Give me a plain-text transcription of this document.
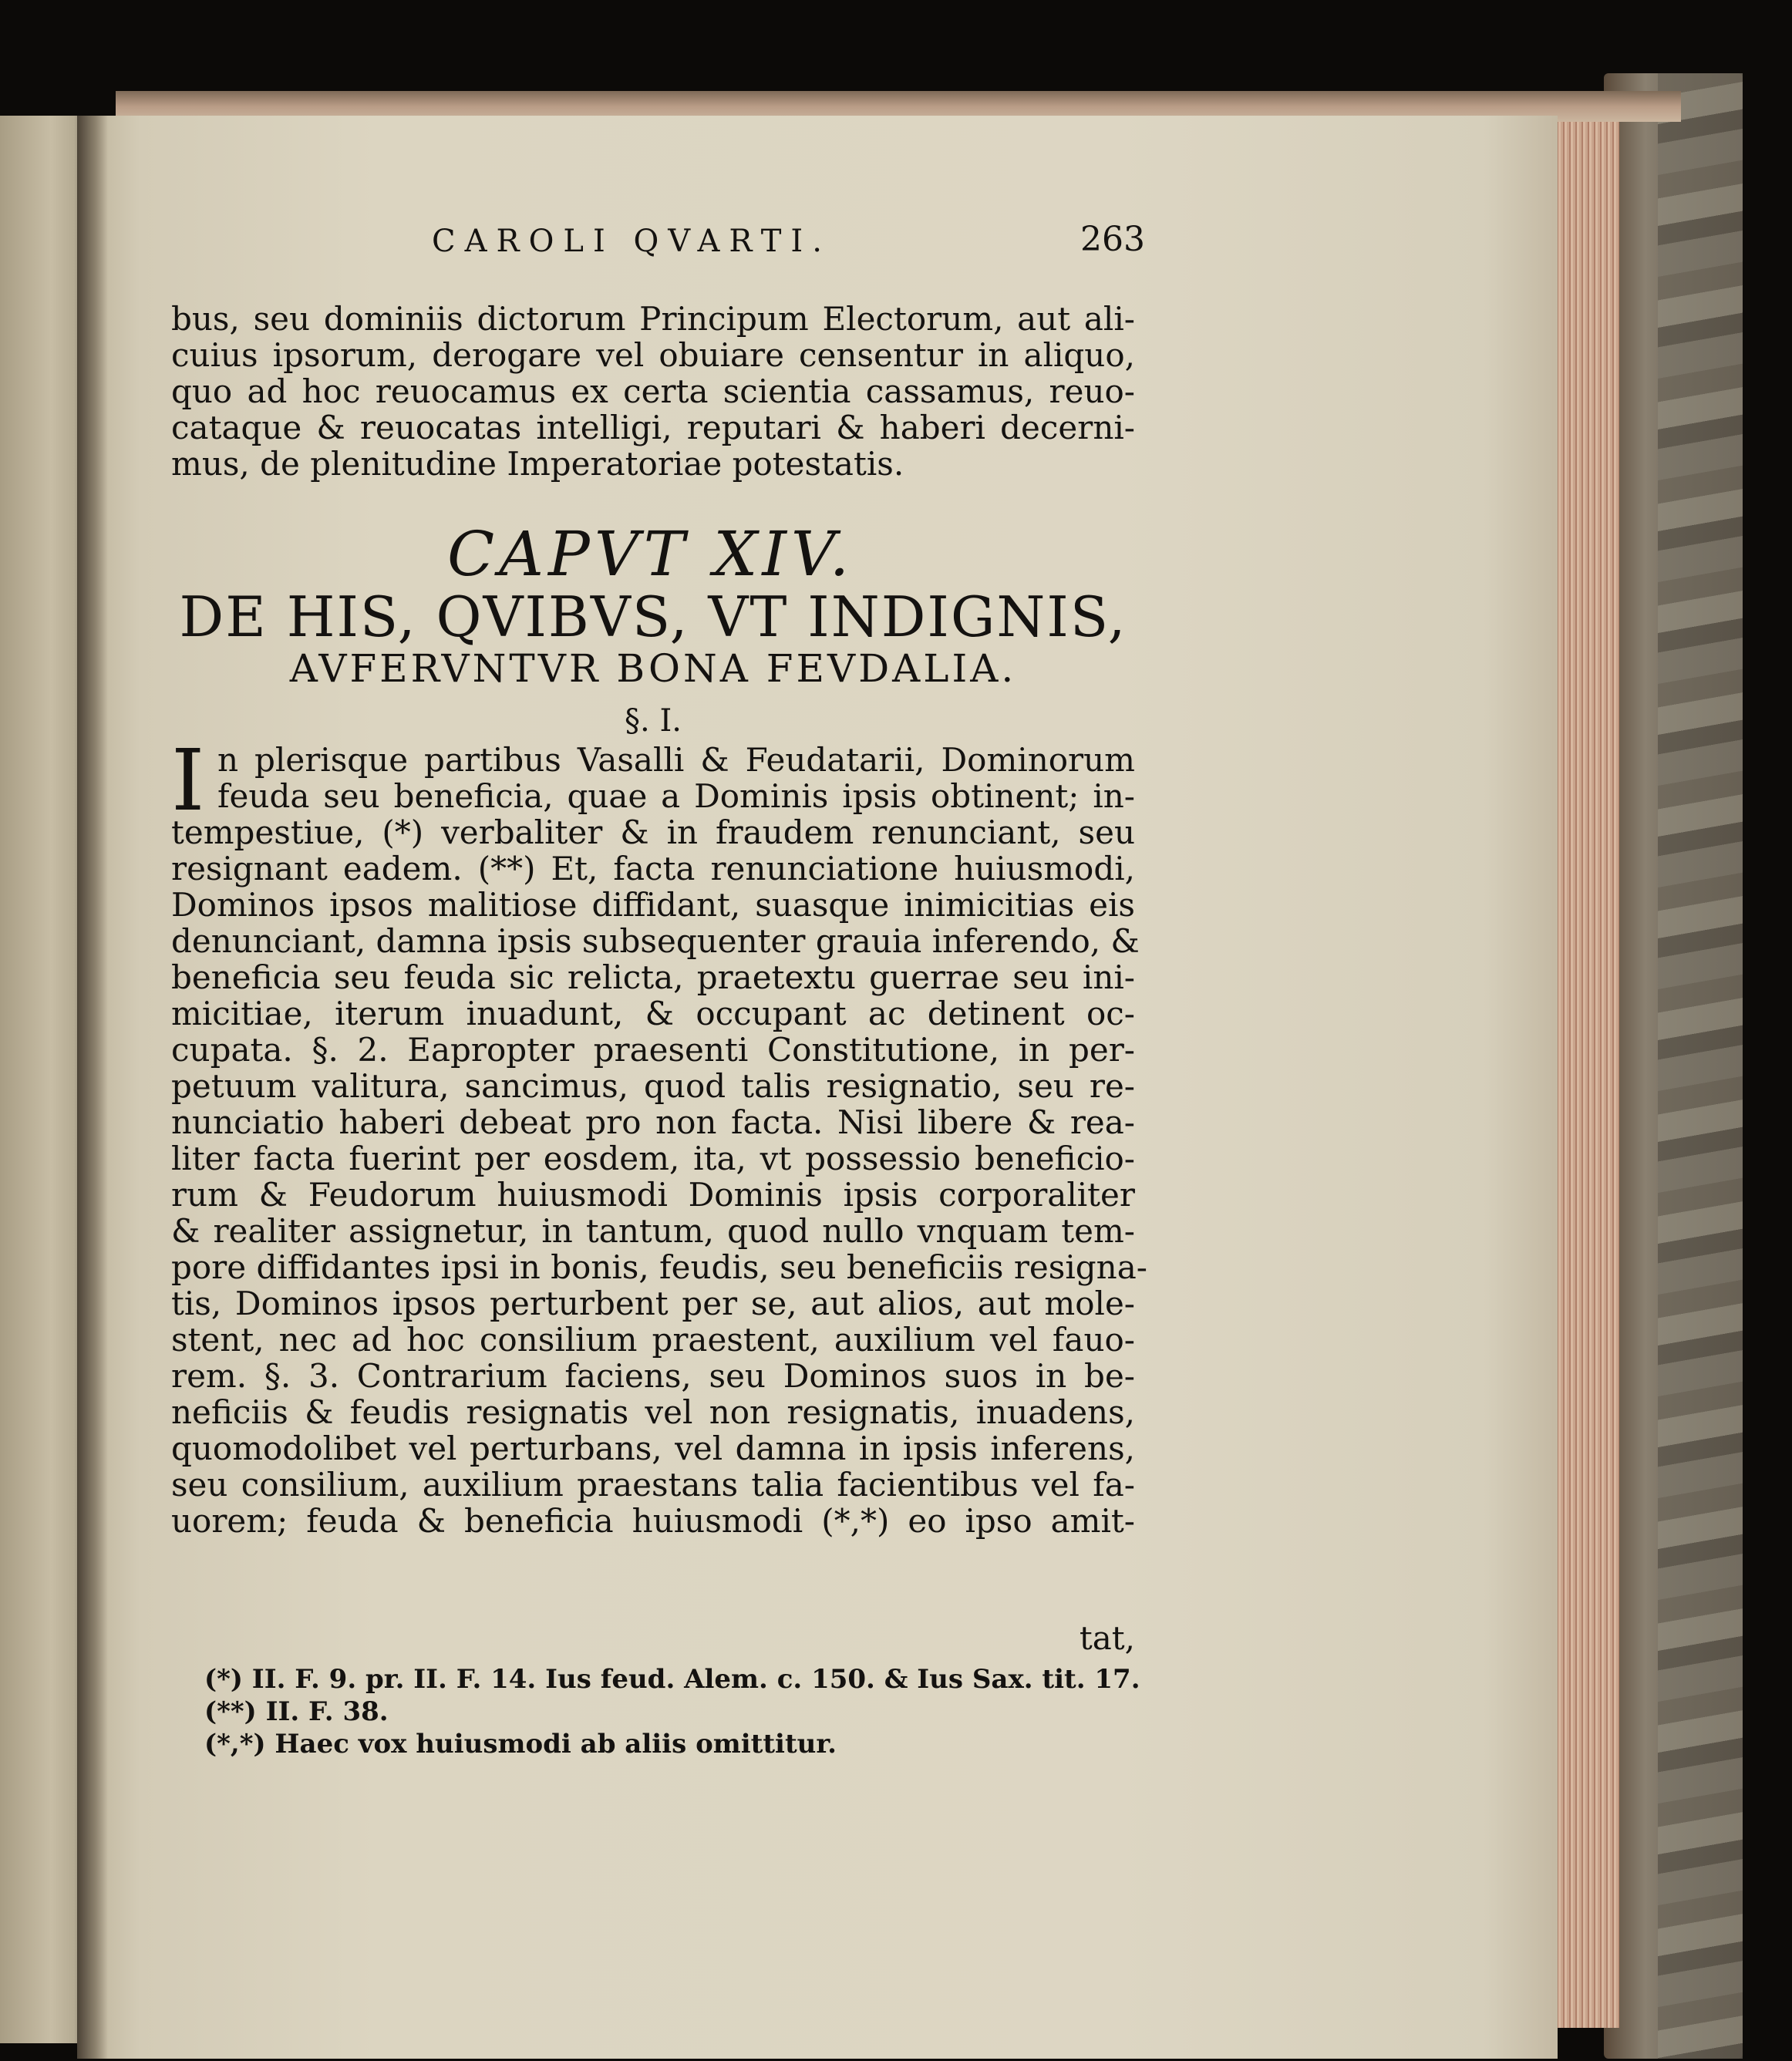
CAROLI QVARTI.	263
bus, seu dominiis dictorum Principum Electorum, aut ali-
cuius ipsorum, derogare vel obuiare censentur in aliquo,
quo ad hoc reuocamus ex certa scientia cassamus, reuo-
cataque & reuocatas intelligi, reputari & haberi decerni-
mus, de plenitudine Imperatoriae potestatis.
CAPVT XIV.
DE HIS, QVIBVS, VT INDIGNIS,
AVFERVNTVR BONA FEVDALIA.
§. I.
I n plerisque partibus Vasalli & Feudatarii, Dominorum
feuda seu beneficia, quae a Dominis ipsis obtinent; in-
tempestiue, (*) verbaliter & in fraudem renunciant, seu
resignant eadem. (**) Et, facta renunciatione huiusmodi,
Dominos ipsos malitiose diffidant, suasque inimicitias eis
denunciant, damna ipsis subsequenter grauia inferendo, &
beneficia seu feuda sic relicta, praetextu guerrae seu ini-
micitiae, iterum inuadunt, & occupant ac detinent oc-
cupata. §. 2. Eapropter praesenti Constitutione, in per-
petuum valitura, sancimus, quod talis resignatio, seu re-
nunciatio haberi debeat pro non facta. Nisi libere & rea-
liter facta fuerint per eosdem, ita, vt possessio beneficio-
rum & Feudorum huiusmodi Dominis ipsis corporaliter
& realiter assignetur, in tantum, quod nullo vnquam tem-
pore diffidantes ipsi in bonis, feudis, seu beneficiis resigna-
tis, Dominos ipsos perturbent per se, aut alios, aut mole-
stent, nec ad hoc consilium praestent, auxilium vel fauo-
rem. §. 3. Contrarium faciens, seu Dominos suos in be-
neficiis & feudis resignatis vel non resignatis, inuadens,
quomodolibet vel perturbans, vel damna in ipsis inferens,
seu consilium, auxilium praestans talia facientibus vel fa-
uorem; feuda & beneficia huiusmodi (*,*) eo ipso amit-
tat,
(*) II. F. 9. pr. II. F. 14. Ius feud. Alem. c. 150. & Ius Sax. tit. 17.
(**) II. F. 38.
(*,*) Haec vox huiusmodi ab aliis omittitur.
